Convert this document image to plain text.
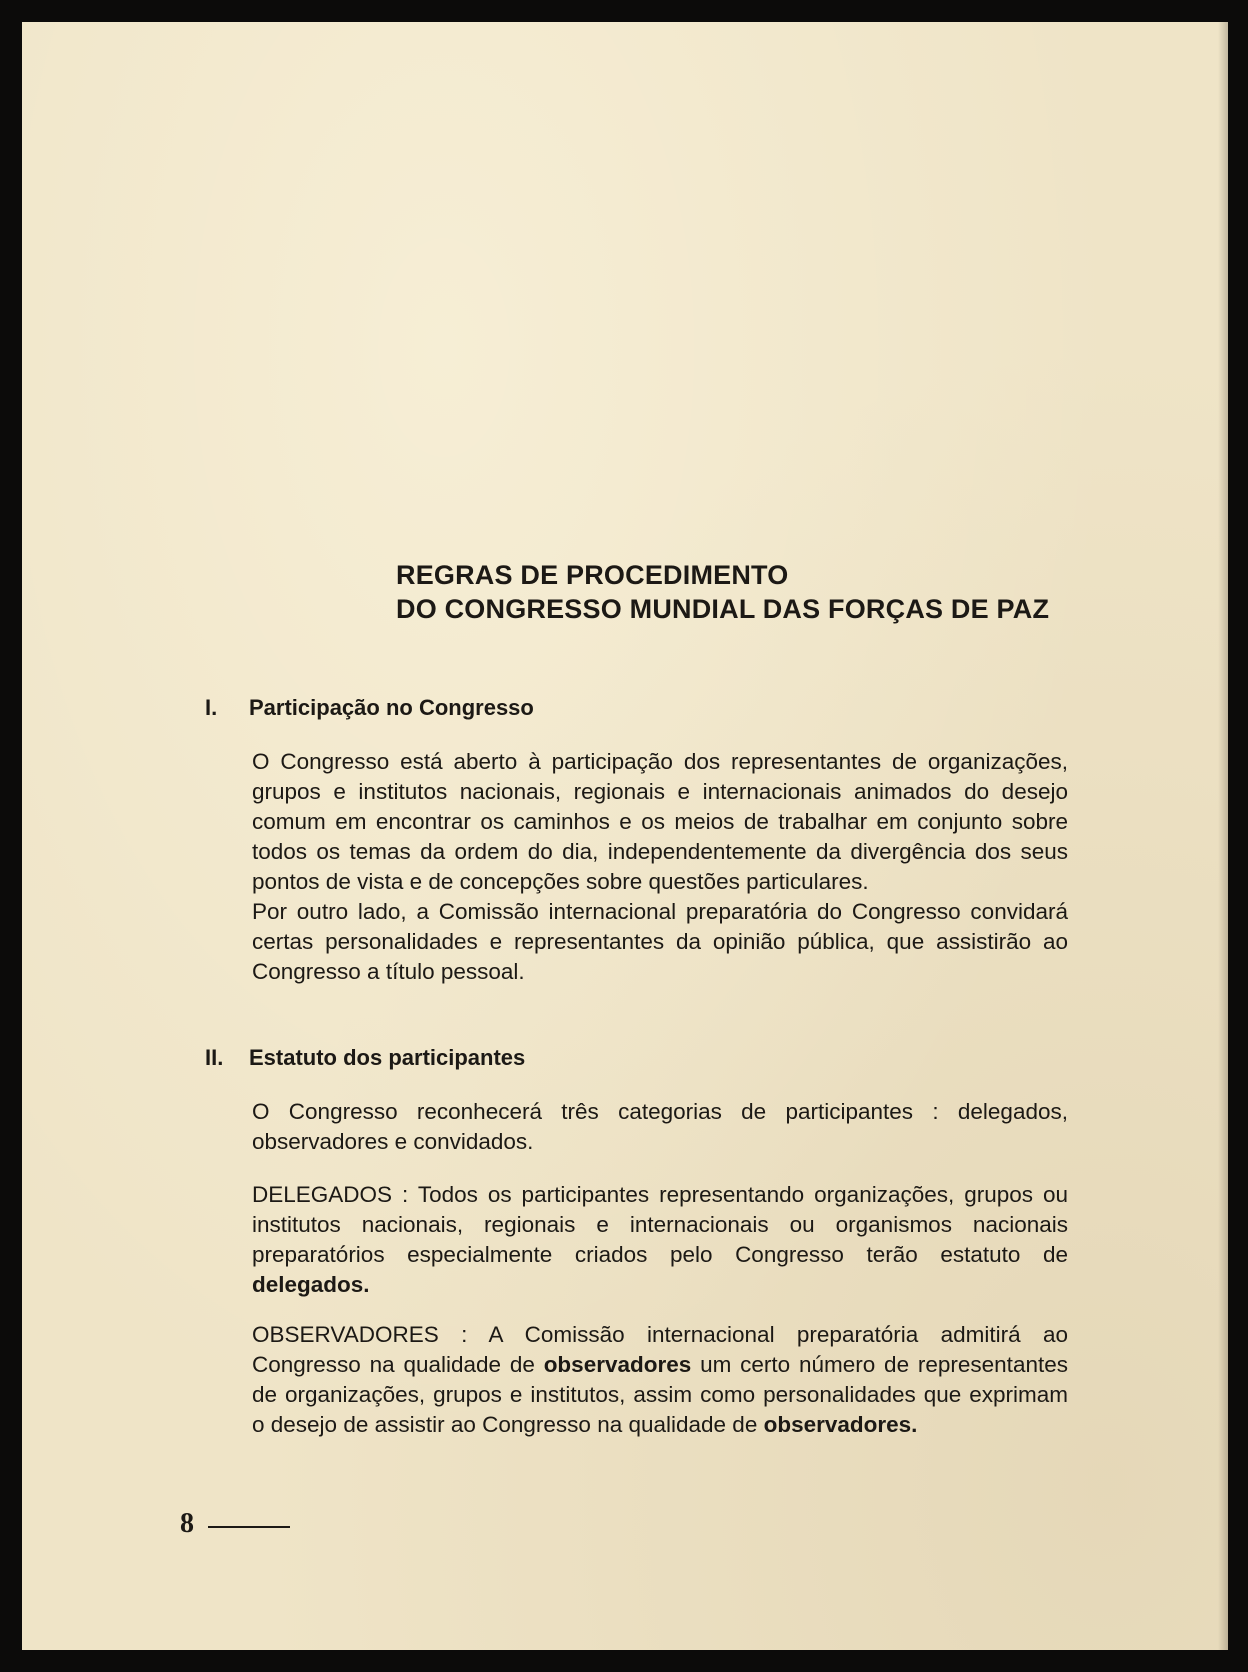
REGRAS DE PROCEDIMENTO
DO CONGRESSO MUNDIAL DAS FORÇAS DE PAZ
I. Participação no Congresso
O Congresso está aberto à participação dos representantes de organizações, grupos e institutos nacionais, regionais e internacionais animados do desejo comum em encontrar os caminhos e os meios de trabalhar em conjunto sobre todos os temas da ordem do dia, independentemente da divergência dos seus pontos de vista e de concepções sobre questões particulares.
Por outro lado, a Comissão internacional preparatória do Congresso convidará certas personalidades e representantes da opinião pública, que assistirão ao Congresso a título pessoal.
II. Estatuto dos participantes
O Congresso reconhecerá três categorias de participantes : delegados, observadores e convidados.
DELEGADOS : Todos os participantes representando organizações, grupos ou institutos nacionais, regionais e internacionais ou organismos nacionais preparatórios especialmente criados pelo Congresso terão estatuto de delegados.
OBSERVADORES : A Comissão internacional preparatória admitirá ao Congresso na qualidade de observadores um certo número de representantes de organizações, grupos e institutos, assim como personalidades que exprimam o desejo de assistir ao Congresso na qualidade de observadores.
8
